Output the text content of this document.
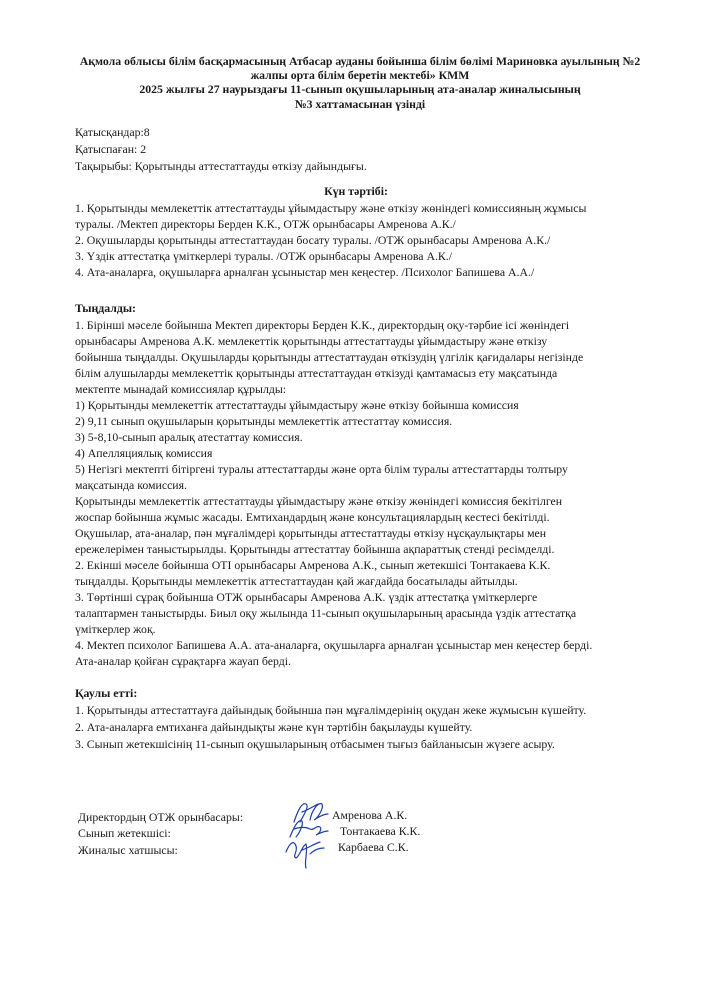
Ақмола облысы білім басқармасының Атбасар ауданы бойынша білім бөлімі Мариновка ауылының №2
жалпы орта білім беретін мектебі» КММ
2025 жылғы 27 наурыздағы 11-сынып оқушыларының ата-аналар жиналысының
№3 хаттамасынан үзінді
Қатысқандар:8
Қатыспаған: 2
Тақырыбы: Қорытынды аттестаттауды өткізу дайындығы.
Күн тәртібі:
1. Қорытынды мемлекеттік аттестаттауды ұйымдастыру және өткізу жөніндегі комиссияның жұмысы
туралы. /Мектеп директоры Берден К.К., ОТЖ орынбасары Амренова А.К./
2. Оқушыларды қорытынды аттестаттаудан босату туралы. /ОТЖ орынбасары Амренова А.К./
3. Үздік аттестатқа үміткерлері туралы. /ОТЖ орынбасары Амренова А.К./
4. Ата-аналарға, оқушыларға арналған ұсыныстар мен кеңестер. /Психолог Бапишева А.А./
Тыңдалды:
1. Бірінші мәселе бойынша Мектеп директоры Берден К.К., директордың оқу-тәрбие ісі жөніндегі
орынбасары Амренова А.К. мемлекеттік қорытынды аттестаттауды ұйымдастыру және өткізу
бойынша тыңдалды. Оқушыларды қорытынды аттестаттаудан өткізудің үлгілік қағидалары негізінде
білім алушыларды мемлекеттік қорытынды аттестаттаудан өткізуді қамтамасыз ету мақсатында
мектепте мынадай комиссиялар құрылды:
1) Қорытынды мемлекеттік аттестаттауды ұйымдастыру және өткізу бойынша комиссия
2) 9,11 сынып оқушыларын қорытынды мемлекеттік аттестаттау комиссия.
3) 5-8,10-сынып аралық атестаттау комиссия.
4) Апелляциялық комиссия
5) Негізгі мектепті бітіргені туралы аттестаттарды және орта білім туралы аттестаттарды толтыру
мақсатында комиссия.
Қорытынды мемлекеттік аттестаттауды ұйымдастыру және өткізу жөніндегі комиссия бекітілген
жоспар бойынша жұмыс жасады. Емтихандардың және консультациялардың кестесі бекітілді.
Оқушылар, ата-аналар, пән мұғалімдері қорытынды аттестаттауды өткізу нұсқаулықтары мен
ережелерімен таныстырылды. Қорытынды аттестаттау бойынша ақпараттық стенді ресімделді.
2. Екінші мәселе бойынша ОТІ орынбасары Амренова А.К., сынып жетекшісі Тонтакаева К.К.
тыңдалды. Қорытынды мемлекеттік аттестаттаудан қай жағдайда босатылады айтылды.
3. Төртінші сұрақ бойынша ОТЖ орынбасары Амренова А.К. үздік аттестатқа үміткерлерге
талаптармен таныстырды. Биыл оқу жылында 11-сынып оқушыларының арасында үздік аттестатқа
үміткерлер жоқ.
4. Мектеп психолог Бапишева А.А. ата-аналарға, оқушыларға арналған ұсыныстар мен кеңестер берді.
Ата-аналар қойған сұрақтарға жауап берді.
Қаулы етті:
1. Қорытынды аттестаттауға дайындық бойынша пән мұғалімдерінің оқудан жеке жұмысын күшейту.
2. Ата-аналарға емтиханға дайындықты және күн тәртібін бақылауды күшейту.
3. Сынып жетекшісінің 11-сынып оқушыларының отбасымен тығыз байланысын жүзеге асыру.
Директордың ОТЖ орынбасары:	Амренова А.К.
Сынып жетекшісі:	Тонтакаева К.К.
Жиналыс хатшысы:	Карбаева С.К.
